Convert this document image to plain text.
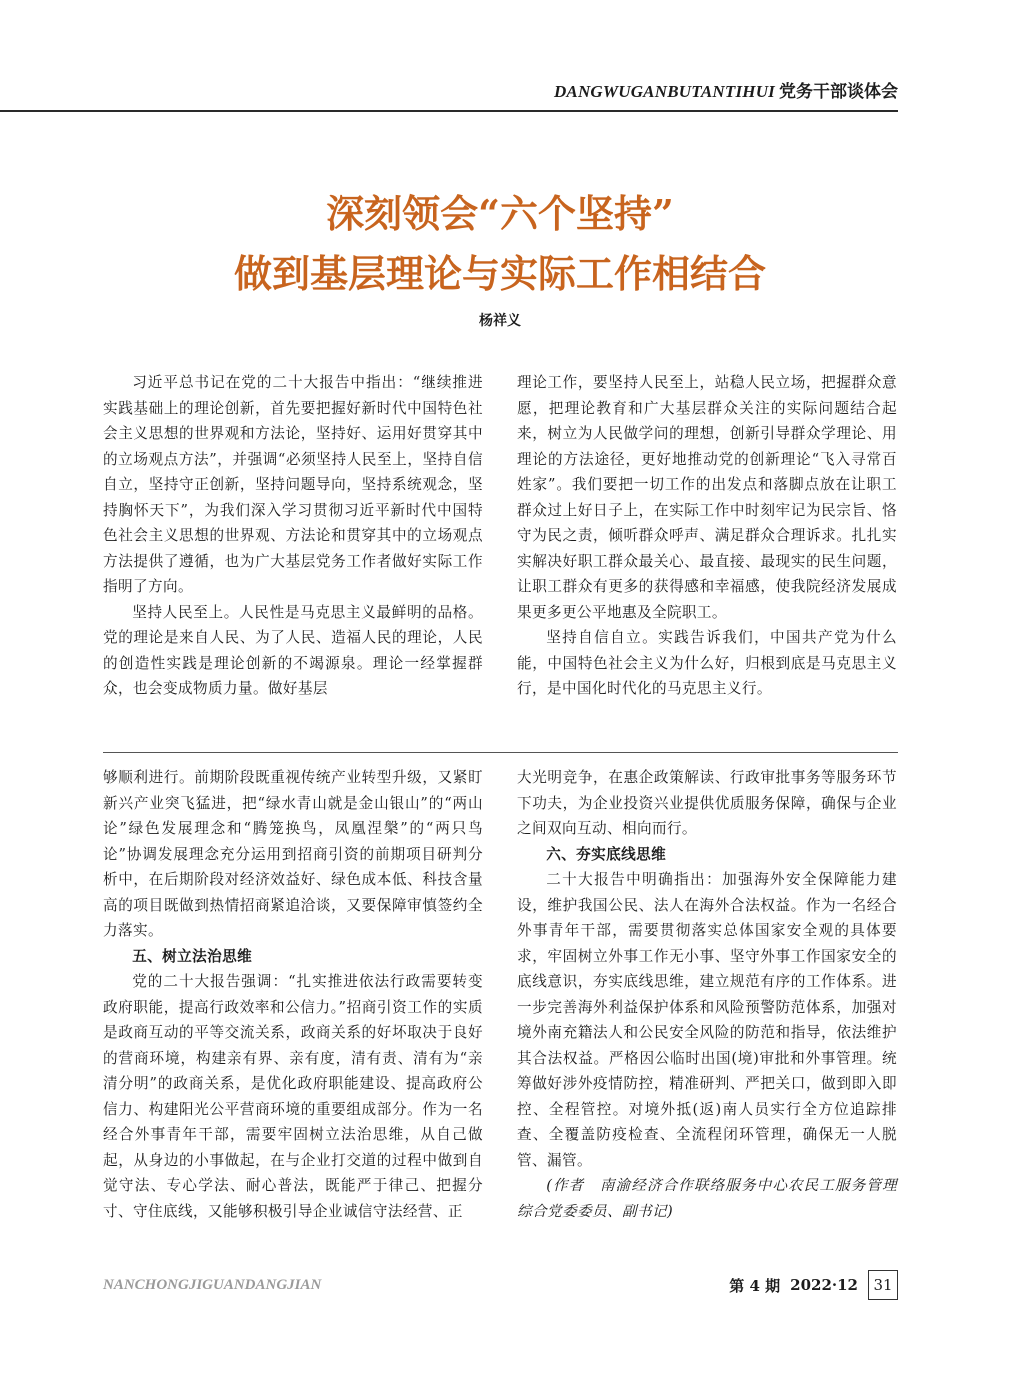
DANGWUGANBUTANTIHUI 党务干部谈体会
深刻领会“六个坚持”
做到基层理论与实际工作相结合
杨祥义

习近平总书记在党的二十大报告中指出：“继续推进实践基础上的理论创新，首先要把握好新时代中国特色社会主义思想的世界观和方法论，坚持好、运用好贯穿其中的立场观点方法”，并强调“必须坚持人民至上，坚持自信自立，坚持守正创新，坚持问题导向，坚持系统观念，坚持胸怀天下”，为我们深入学习贯彻习近平新时代中国特色社会主义思想的世界观、方法论和贯穿其中的立场观点方法提供了遵循，也为广大基层党务工作者做好实际工作指明了方向。

坚持人民至上。人民性是马克思主义最鲜明的品格。党的理论是来自人民、为了人民、造福人民的理论，人民的创造性实践是理论创新的不竭源泉。理论一经掌握群众，也会变成物质力量。做好基层

理论工作，要坚持人民至上，站稳人民立场，把握群众意愿，把理论教育和广大基层群众关注的实际问题结合起来，树立为人民做学问的理想，创新引导群众学理论、用理论的方法途径，更好地推动党的创新理论“飞入寻常百姓家”。我们要把一切工作的出发点和落脚点放在让职工群众过上好日子上，在实际工作中时刻牢记为民宗旨、恪守为民之责，倾听群众呼声、满足群众合理诉求。扎扎实实解决好职工群众最关心、最直接、最现实的民生问题，让职工群众有更多的获得感和幸福感，使我院经济发展成果更多更公平地惠及全院职工。

坚持自信自立。实践告诉我们，中国共产党为什么能，中国特色社会主义为什么好，归根到底是马克思主义行，是中国化时代化的马克思主义行。

够顺利进行。前期阶段既重视传统产业转型升级，又紧盯新兴产业突飞猛进，把“绿水青山就是金山银山”的“两山论”绿色发展理念和“腾笼换鸟，凤凰涅槃”的“两只鸟论”协调发展理念充分运用到招商引资的前期项目研判分析中，在后期阶段对经济效益好、绿色成本低、科技含量高的项目既做到热情招商紧追洽谈，又要保障审慎签约全力落实。

五、树立法治思维

党的二十大报告强调：“扎实推进依法行政需要转变政府职能，提高行政效率和公信力。”招商引资工作的实质是政商互动的平等交流关系，政商关系的好坏取决于良好的营商环境，构建亲有界、亲有度，清有责、清有为“亲清分明”的政商关系，是优化政府职能建设、提高政府公信力、构建阳光公平营商环境的重要组成部分。作为一名经合外事青年干部，需要牢固树立法治思维，从自己做起，从身边的小事做起，在与企业打交道的过程中做到自觉守法、专心学法、耐心普法，既能严于律己、把握分寸、守住底线，又能够积极引导企业诚信守法经营、正

大光明竞争，在惠企政策解读、行政审批事务等服务环节下功夫，为企业投资兴业提供优质服务保障，确保与企业之间双向互动、相向而行。

六、夯实底线思维

二十大报告中明确指出：加强海外安全保障能力建设，维护我国公民、法人在海外合法权益。作为一名经合外事青年干部，需要贯彻落实总体国家安全观的具体要求，牢固树立外事工作无小事、坚守外事工作国家安全的底线意识，夯实底线思维，建立规范有序的工作体系。进一步完善海外利益保护体系和风险预警防范体系，加强对境外南充籍法人和公民安全风险的防范和指导，依法维护其合法权益。严格因公临时出国(境)审批和外事管理。统筹做好涉外疫情防控，精准研判、严把关口，做到即入即控、全程管控。对境外抵(返)南人员实行全方位追踪排查、全覆盖防疫检查、全流程闭环管理，确保无一人脱管、漏管。

(作者　南渝经济合作联络服务中心农民工服务管理综合党委委员、副书记)

NANCHONGJIGUANDANGJIAN	第 4 期 2022·12	31
